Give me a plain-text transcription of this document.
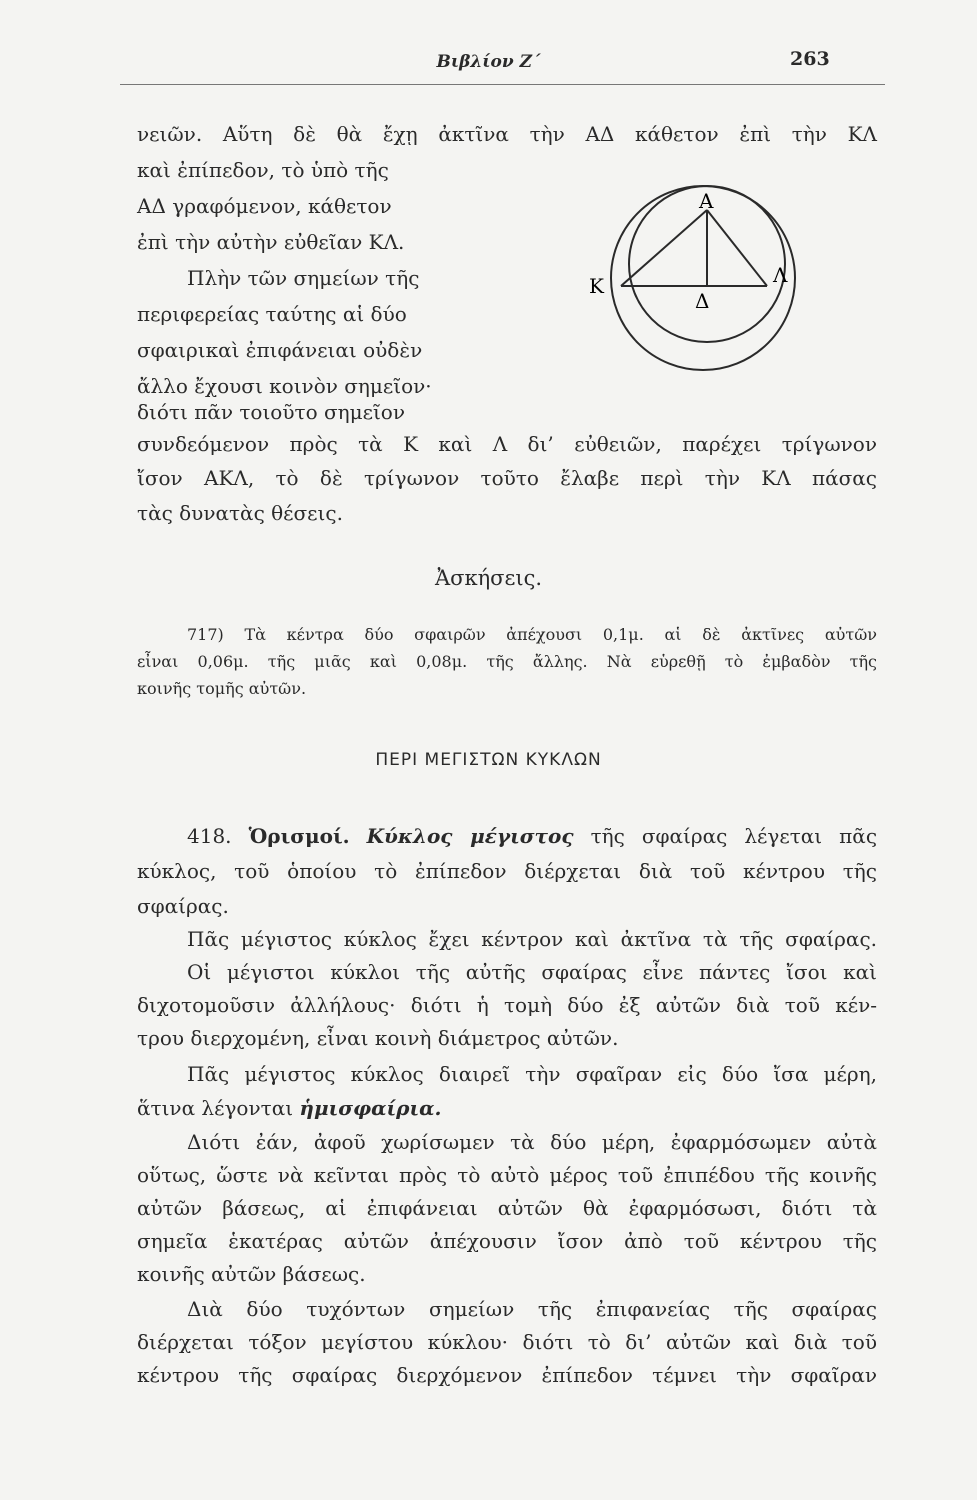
Βιβλίον Ζ΄	263
Α
Κ	Λ
Δ
νειῶν. Αὕτη δὲ θὰ ἔχῃ ἀκτῖνα τὴν ΑΔ κάθετον ἐπὶ τὴν ΚΛ
καὶ ἐπίπεδον, τὸ ὑπὸ τῆς
ΑΔ γραφόμενον, κάθετον
ἐπὶ τὴν αὐτὴν εὐθεῖαν ΚΛ.
Πλὴν τῶν σημείων τῆς
περιφερείας ταύτης αἱ δύο
σφαιρικαὶ ἐπιφάνειαι οὐδὲν
ἄλλο ἔχουσι κοινὸν σημεῖον·
διότι πᾶν τοιοῦτο σημεῖον
συνδεόμενον πρὸς τὰ Κ καὶ Λ δι’ εὐθειῶν, παρέχει τρίγωνον
ἴσον ΑΚΛ, τὸ δὲ τρίγωνον τοῦτο ἔλαβε περὶ τὴν ΚΛ πάσας
τὰς δυνατὰς θέσεις.
Ἀσκήσεις.
717) Τὰ κέντρα δύο σφαιρῶν ἀπέχουσι 0,1μ. αἱ δὲ ἀκτῖνες αὐτῶν
εἶναι 0,06μ. τῆς μιᾶς καὶ 0,08μ. τῆς ἄλλης. Νὰ εὑρεθῇ τὸ ἐμβαδὸν τῆς
κοινῆς τομῆς αὐτῶν.
ΠΕΡΙ ΜΕΓΙΣΤΩΝ ΚΥΚΛΩΝ
418. Ὁρισμοί. Κύκλος μέγιστος τῆς σφαίρας λέγεται πᾶς
κύκλος, τοῦ ὁποίου τὸ ἐπίπεδον διέρχεται διὰ τοῦ κέντρου τῆς
σφαίρας.
Πᾶς μέγιστος κύκλος ἔχει κέντρον καὶ ἀκτῖνα τὰ τῆς σφαίρας.
Οἱ μέγιστοι κύκλοι τῆς αὐτῆς σφαίρας εἶνε πάντες ἴσοι καὶ
διχοτομοῦσιν ἀλλήλους· διότι ἡ τομὴ δύο ἐξ αὐτῶν διὰ τοῦ κέν-
τρου διερχομένη, εἶναι κοινὴ διάμετρος αὐτῶν.
Πᾶς μέγιστος κύκλος διαιρεῖ τὴν σφαῖραν εἰς δύο ἴσα μέρη,
ἅτινα λέγονται ἡμισφαίρια.
Διότι ἐάν, ἀφοῦ χωρίσωμεν τὰ δύο μέρη, ἐφαρμόσωμεν αὐτὰ
οὕτως, ὥστε νὰ κεῖνται πρὸς τὸ αὐτὸ μέρος τοῦ ἐπιπέδου τῆς κοινῆς
αὐτῶν βάσεως, αἱ ἐπιφάνειαι αὐτῶν θὰ ἐφαρμόσωσι, διότι τὰ
σημεῖα ἑκατέρας αὐτῶν ἀπέχουσιν ἴσον ἀπὸ τοῦ κέντρου τῆς
κοινῆς αὐτῶν βάσεως.
Διὰ δύο τυχόντων σημείων τῆς ἐπιφανείας τῆς σφαίρας
διέρχεται τόξον μεγίστου κύκλου· διότι τὸ δι’ αὐτῶν καὶ διὰ τοῦ
κέντρου τῆς σφαίρας διερχόμενον ἐπίπεδον τέμνει τὴν σφαῖραν
